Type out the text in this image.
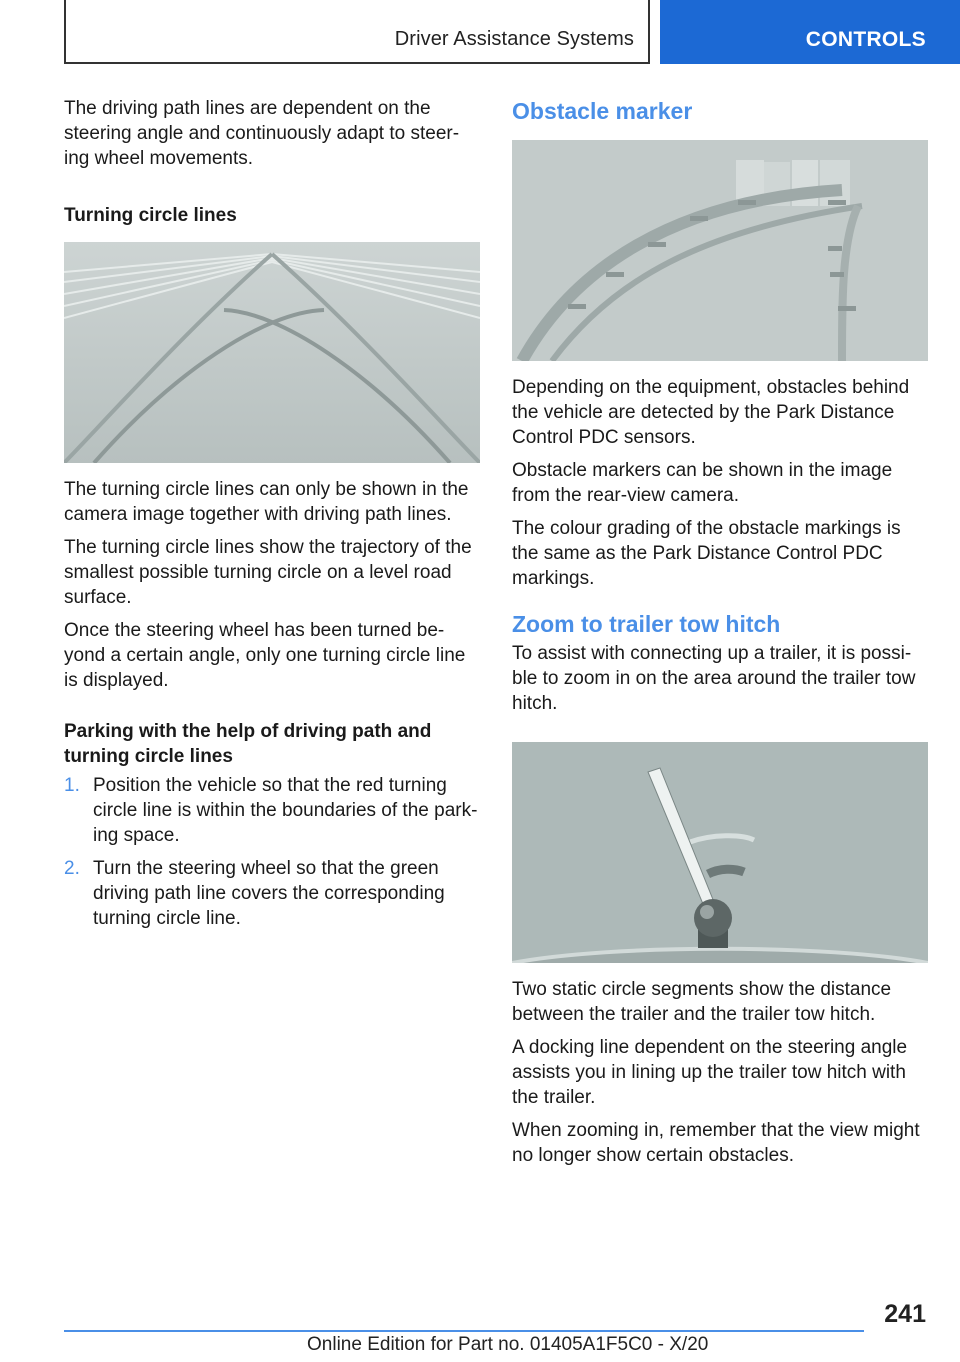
Driver Assistance Systems	CONTROLS

The driving path lines are dependent on the steering angle and continuously adapt to steer-ing wheel movements.

Turning circle lines

The turning circle lines can only be shown in the camera image together with driving path lines.

The turning circle lines show the trajectory of the smallest possible turning circle on a level road surface.

Once the steering wheel has been turned be-yond a certain angle, only one turning circle line is displayed.

Parking with the help of driving path and turning circle lines
1. Position the vehicle so that the red turning circle line is within the boundaries of the park-ing space.
2. Turn the steering wheel so that the green driving path line covers the corresponding turning circle line.
Obstacle marker

Depending on the equipment, obstacles behind the vehicle are detected by the Park Distance Control PDC sensors.

Obstacle markers can be shown in the image from the rear-view camera.

The colour grading of the obstacle markings is the same as the Park Distance Control PDC markings.

Zoom to trailer tow hitch

To assist with connecting up a trailer, it is possi-ble to zoom in on the area around the trailer tow hitch.

Two static circle segments show the distance between the trailer and the trailer tow hitch.

A docking line dependent on the steering angle assists you in lining up the trailer tow hitch with the trailer.

When zooming in, remember that the view might no longer show certain obstacles.

241
Online Edition for Part no. 01405A1F5C0 - X/20
